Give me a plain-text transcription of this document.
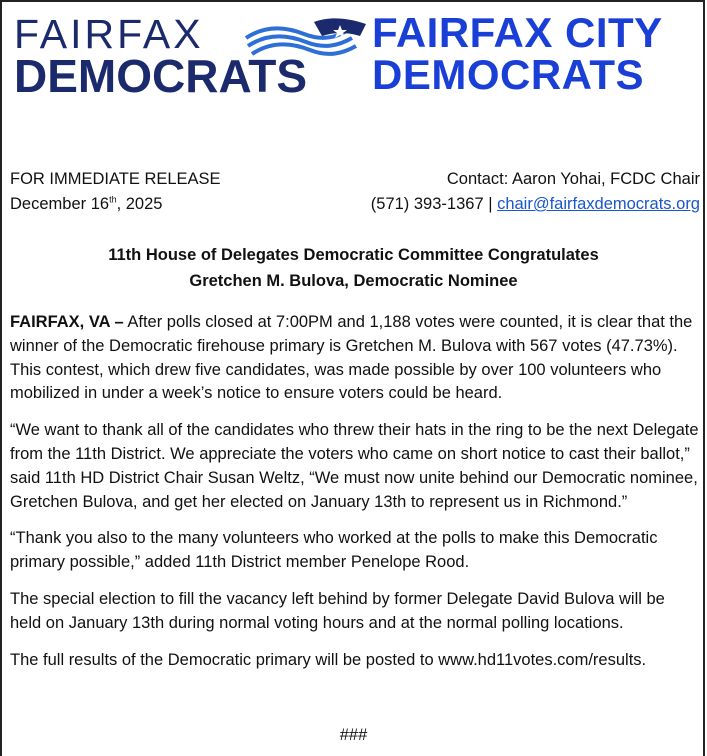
FAIRFAX
DEMOCRATS
FAIRFAX CITY
DEMOCRATS
FOR IMMEDIATE RELEASE
December 16th, 2025
Contact: Aaron Yohai, FCDC Chair
(571) 393-1367 | chair@fairfaxdemocrats.org
11th House of Delegates Democratic Committee Congratulates
Gretchen M. Bulova, Democratic Nominee

FAIRFAX, VA – After polls closed at 7:00PM and 1,188 votes were counted, it is clear that the winner of the Democratic firehouse primary is Gretchen M. Bulova with 567 votes (47.73%). This contest, which drew five candidates, was made possible by over 100 volunteers who mobilized in under a week’s notice to ensure voters could be heard.

“We want to thank all of the candidates who threw their hats in the ring to be the next Delegate from the 11th District. We appreciate the voters who came on short notice to cast their ballot,” said 11th HD District Chair Susan Weltz, “We must now unite behind our Democratic nominee, Gretchen Bulova, and get her elected on January 13th to represent us in Richmond.”

“Thank you also to the many volunteers who worked at the polls to make this Democratic primary possible,” added 11th District member Penelope Rood.

The special election to fill the vacancy left behind by former Delegate David Bulova will be held on January 13th during normal voting hours and at the normal polling locations.

The full results of the Democratic primary will be posted to www.hd11votes.com/results.

###
